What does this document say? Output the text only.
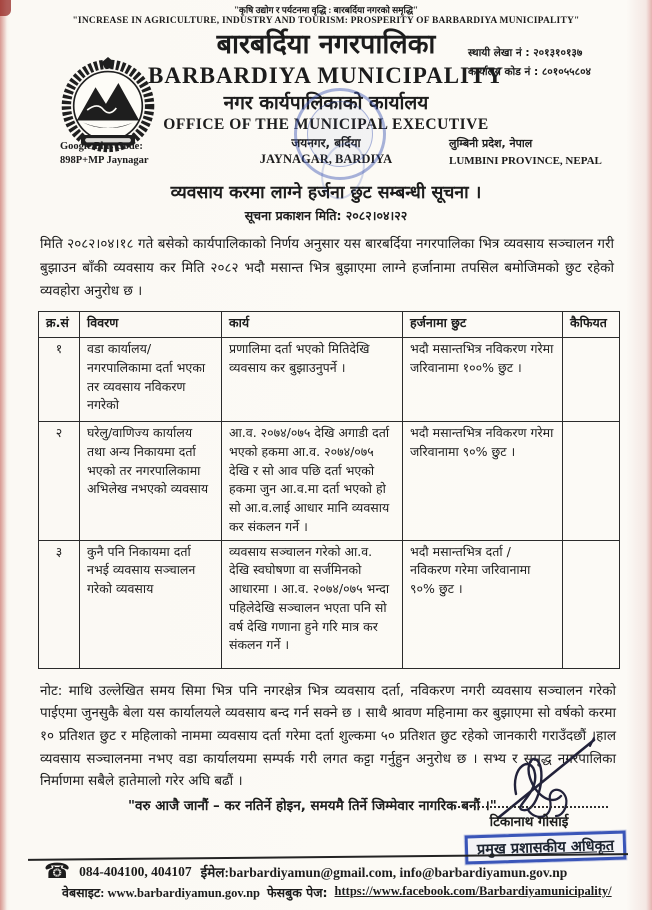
"कृषि उद्योग र पर्यटनमा वृद्धि : बारबर्दिया नगरको समृद्धि"
"INCREASE IN AGRICULTURE, INDUSTRY AND TOURISM: PROSPERITY OF BARBARDIYA MUNICIPALITY"
बारबर्दिया नगरपालिका
BARBARDIYA MUNICIPALITY
नगर कार्यपालिकाको कार्यालय
OFFICE OF THE MUNICIPAL EXECUTIVE
जयनगर, बर्दिया
JAYNAGAR, BARDIYA
Google Plus Code:
898P+MP Jaynagar
स्थायी लेखा नं : २०१३१०१३७
कार्यालय कोड नं : ८०१०५५८०४
लुम्बिनी प्रदेश, नेपाल
LUMBINI PROVINCE, NEPAL
व्यवसाय करमा लाग्ने हर्जना छुट सम्बन्धी सूचना ।
सूचना प्रकाशन मिति: २०८२।०४।२२
मिति २०८२।०४।१८ गते बसेको कार्यपालिकाको निर्णय अनुसार यस बारबर्दिया नगरपालिका भित्र व्यवसाय सञ्चालन गरी बुझाउन बाँकी व्यवसाय कर मिति २०८२ भदौ मसान्त भित्र बुझाएमा लाग्ने हर्जानामा तपसिल बमोजिमको छुट रहेको व्यवहोरा अनुरोध छ ।
क्र.सं	विवरण	कार्य	हर्जनामा छुट	कैफियत
१	वडा कार्यालय/नगरपालिकामा दर्ता भएका तर व्यवसाय नविकरण नगरेको	प्रणालिमा दर्ता भएको मितिदेखि व्यवसाय कर बुझाउनुपर्ने ।	भदौ मसान्तभित्र नविकरण गरेमा जरिवानामा १००% छुट ।	
२	घरेलु/वाणिज्य कार्यालय तथा अन्य निकायमा दर्ता भएको तर नगरपालिकामा अभिलेख नभएको व्यवसाय	आ.व. २०७४/०७५ देखि अगाडी दर्ता भएको हकमा आ.व. २०७४/०७५ देखि र सो आव पछि दर्ता भएको हकमा जुन आ.व.मा दर्ता भएको हो सो आ.व.लाई आधार मानि व्यवसाय कर संकलन गर्ने ।	भदौ मसान्तभित्र नविकरण गरेमा जरिवानामा ९०% छुट ।	
३	कुनै पनि निकायमा दर्ता नभई व्यवसाय सञ्चालन गरेको व्यवसाय	व्यवसाय सञ्चालन गरेको आ.व. देखि स्वघोषणा वा सर्जमिनको आधारमा । आ.व. २०७४/०७५ भन्दा पहिलेदेखि सञ्चालन भएता पनि सो वर्ष देखि गणाना हुने गरि मात्र कर संकलन गर्ने ।	भदौ मसान्तभित्र दर्ता / नविकरण गरेमा जरिवानामा ९०% छुट ।	
नोट: माथि उल्लेखित समय सिमा भित्र पनि नगरक्षेत्र भित्र व्यवसाय दर्ता, नविकरण नगरी व्यवसाय सञ्चालन गरेको पाईएमा जुनसुकै बेला यस कार्यालयले व्यवसाय बन्द गर्न सक्ने छ । साथै श्रावण महिनामा कर बुझाएमा सो वर्षको करमा १० प्रतिशत छुट र महिलाको नाममा व्यवसाय दर्ता गरेमा दर्ता शुल्कमा ५० प्रतिशत छुट रहेको जानकारी गराउँदछौं ।हाल व्यवसाय सञ्चालनमा नभए वडा कार्यालयमा सम्पर्क गरी लगत कट्टा गर्नुहुन अनुरोध छ । सभ्य र समृद्ध नगरपालिका निर्माणमा सबैले हातेमालो गरेर अघि बढौं ।
"वरु आजै जानौं – कर नतिर्ने होइन, समयमै तिर्ने जिम्मेवार नागरिक बनौं ।"
टिकानाथ गोसाई
प्रमुख प्रशासकीय अधिकृत
☎ 084-404100, 404107 ईमेल:barbardiyamun@gmail.com, info@barbardiyamun.gov.np
वेबसाइट: www.barbardiyamun.gov.np फेसबुक पेज: https://www.facebook.com/Barbardiyamunicipality/
